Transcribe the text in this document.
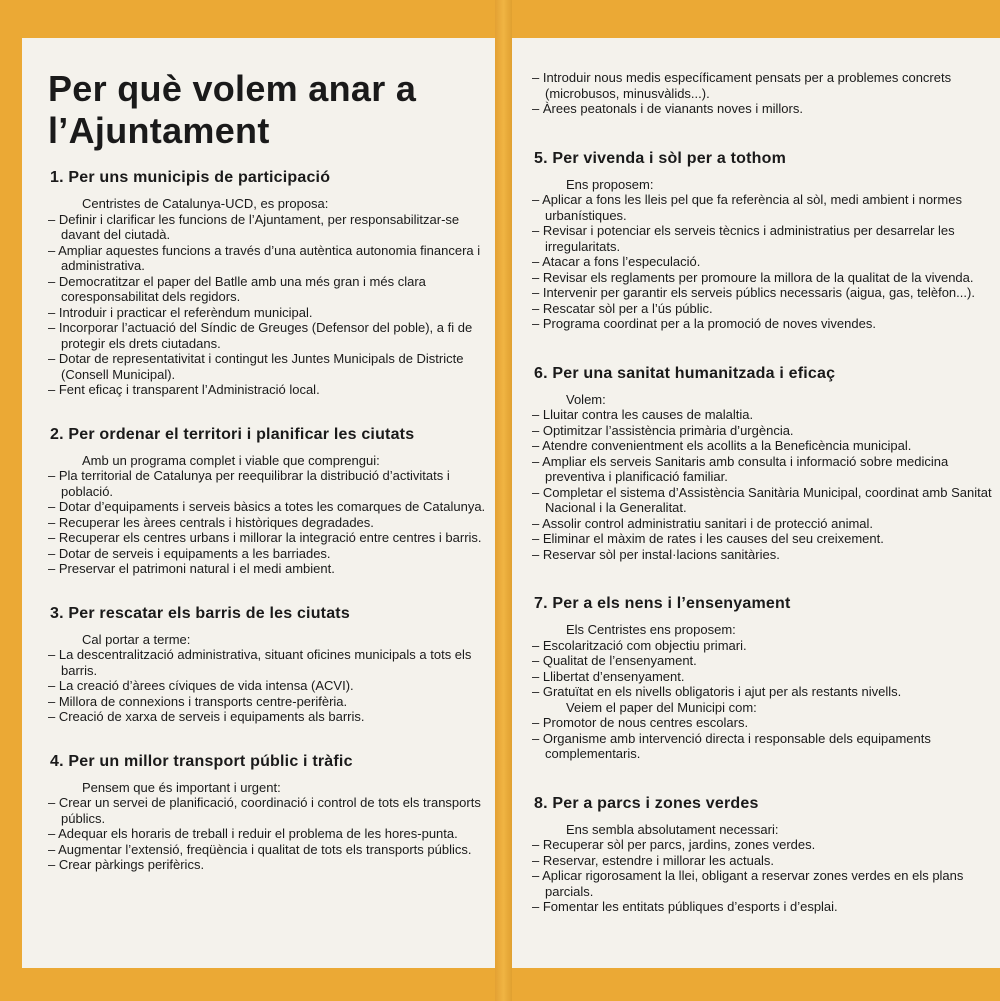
Per què volem anar a l’Ajuntament
1. Per uns municipis de participació
Centristes de Catalunya-UCD, es proposa:
– Definir i clarificar les funcions de l’Ajuntament, per responsabilitzar-se davant del ciutadà.
– Ampliar aquestes funcions a través d’una autèntica autonomia financera i administrativa.
– Democratitzar el paper del Batlle amb una més gran i més clara coresponsabilitat dels regidors.
– Introduir i practicar el referèndum municipal.
– Incorporar l’actuació del Síndic de Greuges (Defensor del poble), a fi de protegir els drets ciutadans.
– Dotar de representativitat i contingut les Juntes Municipals de Districte (Consell Municipal).
– Fent eficaç i transparent l’Administració local.
2. Per ordenar el territori i planificar les ciutats
Amb un programa complet i viable que comprengui:
– Pla territorial de Catalunya per reequilibrar la distribució d’activitats i població.
– Dotar d’equipaments i serveis bàsics a totes les comarques de Catalunya.
– Recuperar les àrees centrals i històriques degradades.
– Recuperar els centres urbans i millorar la integració entre centres i barris.
– Dotar de serveis i equipaments a les barriades.
– Preservar el patrimoni natural i el medi ambient.
3. Per rescatar els barris de les ciutats
Cal portar a terme:
– La descentralització administrativa, situant oficines municipals a tots els barris.
– La creació d’àrees cíviques de vida intensa (ACVI).
– Millora de connexions i transports centre-perifèria.
– Creació de xarxa de serveis i equipaments als barris.
4. Per un millor transport públic i tràfic
Pensem que és important i urgent:
– Crear un servei de planificació, coordinació i control de tots els transports públics.
– Adequar els horaris de treball i reduir el problema de les hores-punta.
– Augmentar l’extensió, freqüència i qualitat de tots els transports públics.
– Crear pàrkings perifèrics.
– Introduir nous medis específicament pensats per a problemes concrets (microbusos, minusvàlids...).
– Àrees peatonals i de vianants noves i millors.
5. Per vivenda i sòl per a tothom
Ens proposem:
– Aplicar a fons les lleis pel que fa referència al sòl, medi ambient i normes urbanístiques.
– Revisar i potenciar els serveis tècnics i administratius per desarrelar les irregularitats.
– Atacar a fons l’especulació.
– Revisar els reglaments per promoure la millora de la qualitat de la vivenda.
– Intervenir per garantir els serveis públics necessaris (aigua, gas, telèfon...).
– Rescatar sòl per a l’ús públic.
– Programa coordinat per a la promoció de noves vivendes.
6. Per una sanitat humanitzada i eficaç
Volem:
– Lluitar contra les causes de malaltia.
– Optimitzar l’assistència primària d’urgència.
– Atendre convenientment els acollits a la Beneficència municipal.
– Ampliar els serveis Sanitaris amb consulta i informació sobre medicina preventiva i planificació familiar.
– Completar el sistema d’Assistència Sanitària Municipal, coordinat amb Sanitat Nacional i la Generalitat.
– Assolir control administratiu sanitari i de protecció animal.
– Eliminar el màxim de rates i les causes del seu creixement.
– Reservar sòl per instal·lacions sanitàries.
7. Per a els nens i l’ensenyament
Els Centristes ens proposem:
– Escolarització com objectiu primari.
– Qualitat de l’ensenyament.
– Llibertat d’ensenyament.
– Gratuïtat en els nivells obligatoris i ajut per als restants nivells.
Veiem el paper del Municipi com:
– Promotor de nous centres escolars.
– Organisme amb intervenció directa i responsable dels equipaments complementaris.
8. Per a parcs i zones verdes
Ens sembla absolutament necessari:
– Recuperar sòl per parcs, jardins, zones verdes.
– Reservar, estendre i millorar les actuals.
– Aplicar rigorosament la llei, obligant a reservar zones verdes en els plans parcials.
– Fomentar les entitats públiques d’esports i d’esplai.
